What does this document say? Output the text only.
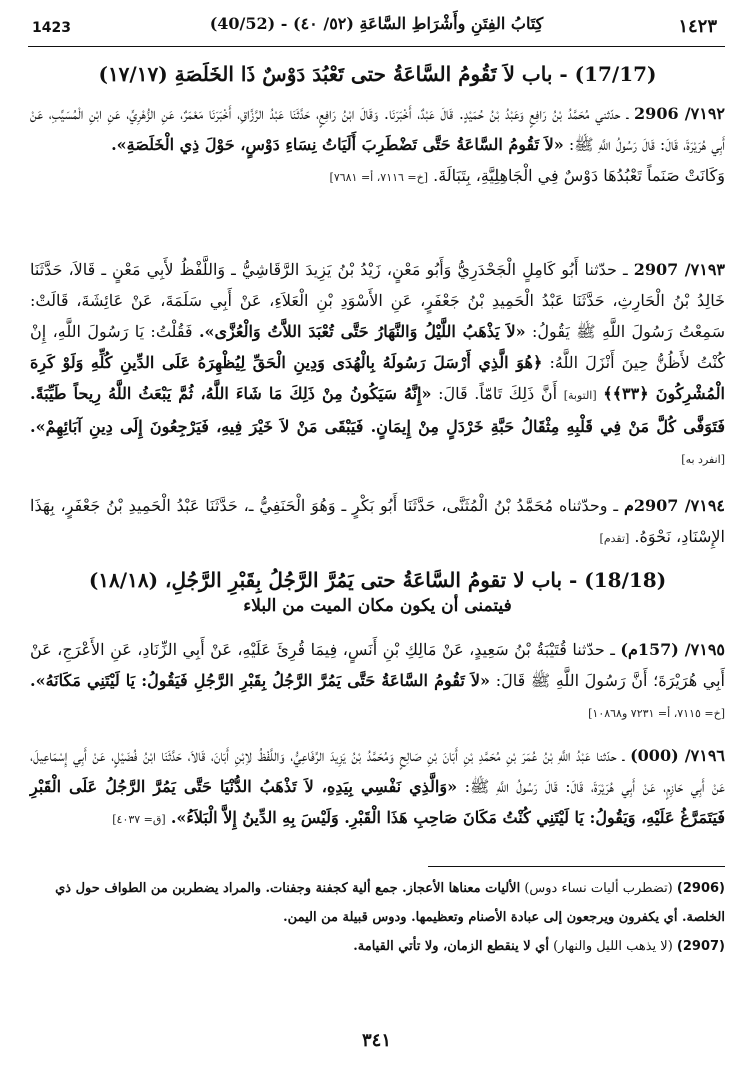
1423	(40/52) - كِتَابُ الفِتَنِ وأَشْرَاطِ السَّاعَةِ (٥٢/ ٤٠)	١٤٢٣
(17/17) - باب لاَ تَقُومُ السَّاعَةُ حتى تَعْبُدَ دَوْسٌ ذَا الخَلَصَةِ (١٧/١٧)
٧١٩٢/ 2906 ـ حدّثني مُحَمَّدُ بْنُ رَافِعٍ وَعَبْدُ بْنُ حُمَيْدٍ. قَالَ عَبْدٌ، أَخْبَرَنَا. وَقَالَ ابْنُ رَافِعٍ، حَدَّثَنَا عَبْدُ الرَّزَّاقِ، أَخْبَرَنَا مَعْمَرٌ، عَنِ الزُّهْرِيِّ، عَنِ ابْنِ الْمُسَيِّبِ، عَنْ أَبِي هُرَيْرَةَ، قَالَ: قَالَ رَسُولُ اللَّهِ ﷺ: «لاَ تَقُومُ السَّاعَةُ حَتَّى تَضْطَرِبَ أَلَيَاتُ نِسَاءِ دَوْسٍ، حَوْلَ ذِي الْخَلَصَةِ».
وَكَانَتْ صَنَماً تَعْبُدُهَا دَوْسٌ فِي الْجَاهِلِيَّةِ، بِتَبَالَةَ. [خ= ٧١١٦، أ= ٧٦٨١]
٧١٩٣/ 2907 ـ حدّثنا أَبُو كَامِلٍ الْجَحْدَرِيُّ وَأَبُو مَعْنٍ، زَيْدُ بْنُ يَزِيدَ الرَّقَاشِيُّ ـ وَاللَّفْظُ لأَبِي مَعْنٍ ـ قَالاَ، حَدَّثَنَا خَالِدُ بْنُ الْحَارِثِ، حَدَّثَنَا عَبْدُ الْحَمِيدِ بْنُ جَعْفَرٍ، عَنِ الأَسْوَدِ بْنِ الْعَلاَءِ، عَنْ أَبِي سَلَمَةَ، عَنْ عَائِشَةَ، قَالَتْ: سَمِعْتُ رَسُولَ اللَّهِ ﷺ يَقُولُ: «لاَ يَذْهَبُ اللَّيْلُ وَالنَّهَارُ حَتَّى تُعْبَدَ اللاَّتُ وَالْعُزَّى». فَقُلْتُ: يَا رَسُولَ اللَّهِ، إِنْ كُنْتُ لأَظُنُّ حِينَ أَنْزَلَ اللَّهُ: ﴿هُوَ الَّذِي أَرْسَلَ رَسُولَهُ بِالْهُدَى وَدِينِ الْحَقِّ لِيُظْهِرَهُ عَلَى الدِّينِ كُلِّهِ وَلَوْ كَرِهَ الْمُشْرِكُونَ ﴿٣٣﴾﴾ [التوبة] أَنَّ ذَلِكَ تَامّاً. قَالَ: «إِنَّهُ سَيَكُونُ مِنْ ذَلِكَ مَا شَاءَ اللَّهُ، ثُمَّ يَبْعَثُ اللَّهُ رِيحاً طَيِّبَةً. فَتَوَفَّى كُلَّ مَنْ فِي قَلْبِهِ مِثْقَالُ حَبَّةِ خَرْدَلٍ مِنْ إِيمَانٍ. فَيَبْقَى مَنْ لاَ خَيْرَ فِيهِ، فَيَرْجِعُونَ إِلَى دِينِ آبَائِهِمْ». [انفرد به]
٧١٩٤/ 2907م ـ وحدّثناه مُحَمَّدُ بْنُ الْمُثَنَّى، حَدَّثَنَا أَبُو بَكْرٍ ـ وَهُوَ الْحَنَفِيُّ ـ، حَدَّثَنَا عَبْدُ الْحَمِيدِ بْنُ جَعْفَرٍ، بِهَذَا الإِسْنَادِ، نَحْوَهُ. [تقدم]
(18/18) - باب لا تقومُ السَّاعَةُ حتى يَمُرَّ الرَّجُلُ بِقَبْرِ الرَّجُلِ، (١٨/١٨)
فيتمنى أن يكون مكان الميت من البلاء
٧١٩٥/ (157م) ـ حدّثنا قُتَيْبَةُ بْنُ سَعِيدٍ، عَنْ مَالِكِ بْنِ أَنَسٍ، فِيمَا قُرِئَ عَلَيْهِ، عَنْ أَبِي الزِّنَادِ، عَنِ الأَعْرَجِ، عَنْ أَبِي هُرَيْرَةَ؛ أَنَّ رَسُولَ اللَّهِ ﷺ قَالَ: «لاَ تَقُومُ السَّاعَةُ حَتَّى يَمُرَّ الرَّجُلُ بِقَبْرِ الرَّجُلِ فَيَقُولُ: يَا لَيْتَنِي مَكَانَهُ». [خ= ٧١١٥، أ= ٧٢٣١ و١٠٨٦٨]
٧١٩٦/ (000) ـ حدّثنا عَبْدُ اللَّهِ بْنُ عُمَرَ بْنِ مُحَمَّدِ بْنِ أَبَانَ بْنِ صَالِحٍ وَمُحَمَّدُ بْنُ يَزِيدَ الرِّفَاعِيُّ، وَاللَّفْظُ لاِبْنِ أَبَانَ، قَالاَ، حَدَّثَنَا ابْنُ فُضَيْلٍ، عَنْ أَبِي إِسْمَاعِيلَ، عَنْ أَبِي حَازِمٍ، عَنْ أَبِي هُرَيْرَةَ، قَالَ: قَالَ رَسُولُ اللَّهِ ﷺ: «وَالَّذِي نَفْسِي بِيَدِهِ، لاَ تَذْهَبُ الدُّنْيَا حَتَّى يَمُرَّ الرَّجُلُ عَلَى الْقَبْرِ فَيَتَمَرَّغُ عَلَيْهِ، وَيَقُولُ: يَا لَيْتَنِي كُنْتُ مَكَانَ صَاحِبِ هَذَا الْقَبْرِ. وَلَيْسَ بِهِ الدِّينُ إِلاَّ الْبَلاَءُ». [ق= ٤٠٣٧]
(2906) (تضطرب أليات نساء دوس) الأليات معناها الأعجاز. جمع ألية كجفنة وجفنات. والمراد يضطربن من الطواف حول ذي الخلصة. أي يكفرون ويرجعون إلى عبادة الأصنام وتعظيمها. ودوس قبيلة من اليمن.
(2907) (لا يذهب الليل والنهار) أي لا ينقطع الزمان، ولا تأتي القيامة.
٣٤١
